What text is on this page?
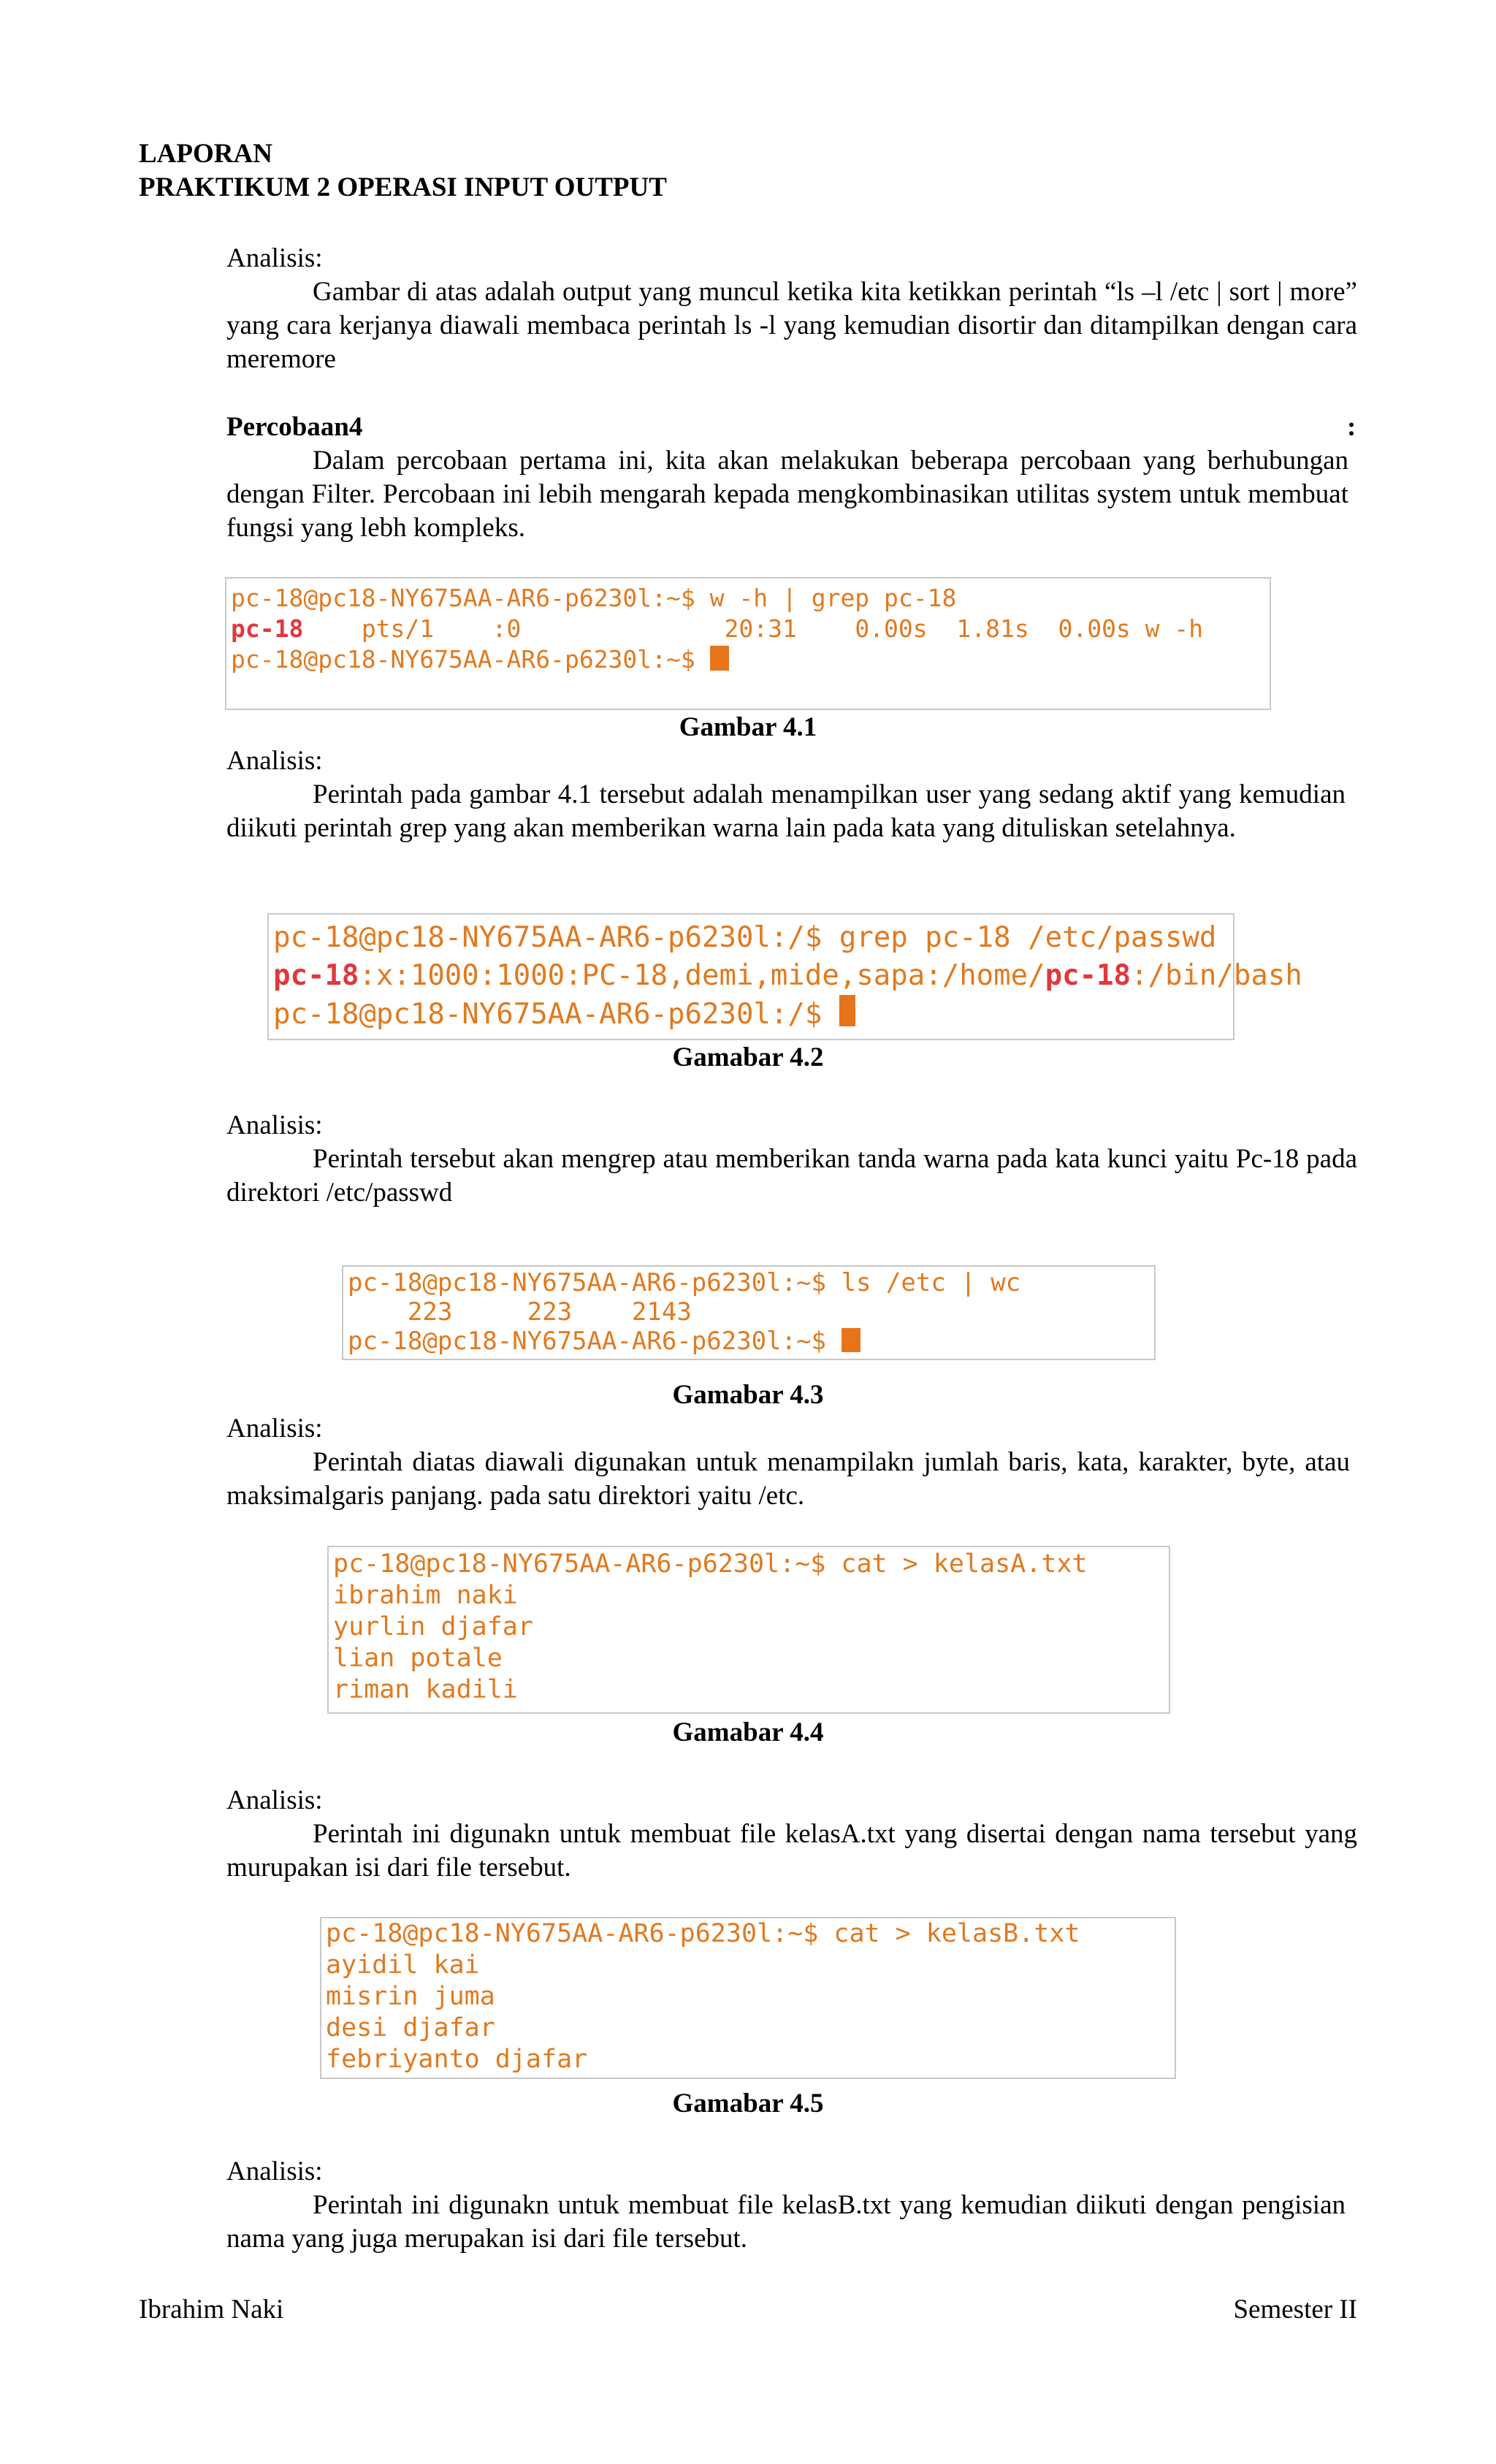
LAPORAN
PRAKTIKUM 2 OPERASI INPUT OUTPUT
Analisis:
Gambar di atas adalah output yang muncul ketika kita ketikkan perintah “ls –l /etc | sort | more” yang cara kerjanya diawali membaca perintah ls -l yang kemudian disortir dan ditampilkan dengan cara meremore
Percobaan4	:
Dalam percobaan pertama ini, kita akan melakukan beberapa percobaan yang berhubungan dengan Filter. Percobaan ini lebih mengarah kepada mengkombinasikan utilitas system untuk membuat fungsi yang lebh kompleks.
pc-18@pc18-NY675AA-AR6-p6230l:~$ w -h | grep pc-18
pc-18    pts/1    :0              20:31    0.00s  1.81s  0.00s w -h
pc-18@pc18-NY675AA-AR6-p6230l:~$
Gambar 4.1
Analisis:
Perintah pada gambar 4.1 tersebut adalah menampilkan user yang sedang aktif yang kemudian diikuti perintah grep yang akan memberikan warna lain pada kata yang dituliskan setelahnya.
pc-18@pc18-NY675AA-AR6-p6230l:/$ grep pc-18 /etc/passwd
pc-18:x:1000:1000:PC-18,demi,mide,sapa:/home/pc-18:/bin/bash
pc-18@pc18-NY675AA-AR6-p6230l:/$
Gamabar 4.2
Analisis:
Perintah tersebut akan mengrep atau memberikan tanda warna pada kata kunci yaitu Pc-18 pada direktori /etc/passwd
pc-18@pc18-NY675AA-AR6-p6230l:~$ ls /etc | wc
223     223    2143
pc-18@pc18-NY675AA-AR6-p6230l:~$
Gamabar 4.3
Analisis:
Perintah diatas diawali digunakan untuk menampilakn jumlah baris, kata, karakter, byte, atau maksimalgaris panjang. pada satu direktori yaitu /etc.
pc-18@pc18-NY675AA-AR6-p6230l:~$ cat > kelasA.txt
ibrahim naki
yurlin djafar
lian potale
riman kadili
Gamabar 4.4
Analisis:
Perintah ini digunakn untuk membuat file kelasA.txt yang disertai dengan nama tersebut yang murupakan isi dari file tersebut.
pc-18@pc18-NY675AA-AR6-p6230l:~$ cat > kelasB.txt
ayidil kai
misrin juma
desi djafar
febriyanto djafar
Gamabar 4.5
Analisis:
Perintah ini digunakn untuk membuat file kelasB.txt yang kemudian diikuti dengan pengisian nama yang juga merupakan isi dari file tersebut.
Ibrahim Naki	Semester II
